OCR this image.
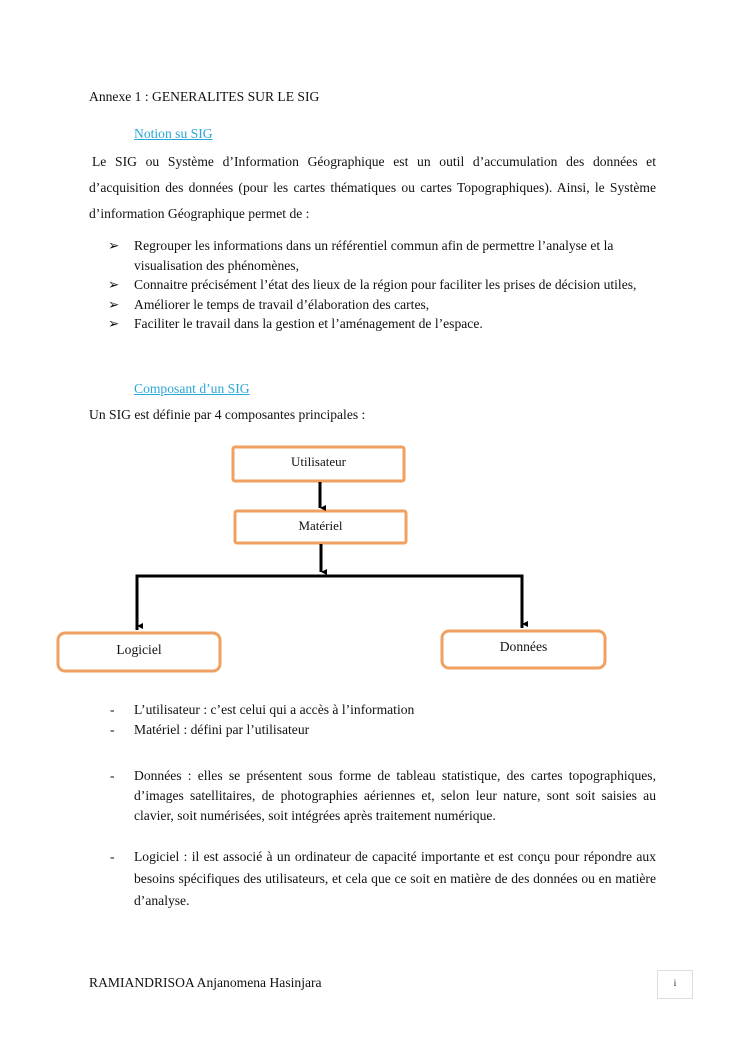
Annexe 1 : GENERALITES SUR LE SIG
Notion su SIG
Le SIG ou Système d’Information Géographique est un outil d’accumulation des données et d’acquisition des données (pour les cartes thématiques ou cartes Topographiques). Ainsi, le Système d’information Géographique permet de :
➢ Regrouper les informations dans un référentiel commun afin de permettre l’analyse et la visualisation des phénomènes,
➢ Connaitre précisément l’état des lieux de la région pour faciliter les prises de décision utiles,
➢ Améliorer le temps de travail d’élaboration des cartes,
➢ Faciliter le travail dans la gestion et l’aménagement de l’espace.
Composant d’un SIG
Un SIG est définie par 4 composantes principales :
Utilisateur
Matériel
Logiciel	Données
- L’utilisateur : c’est celui qui a accès à l’information
- Matériel : défini par l’utilisateur
- Données : elles se présentent sous forme de tableau statistique, des cartes topographiques, d’images satellitaires, de photographies aériennes et, selon leur nature, sont soit saisies au clavier, soit numérisées, soit intégrées après traitement numérique.
- Logiciel : il est associé à un ordinateur de capacité importante et est conçu pour répondre aux besoins spécifiques des utilisateurs, et cela que ce soit en matière de des données ou en matière d’analyse.
RAMIANDRISOA Anjanomena Hasinjara	i
